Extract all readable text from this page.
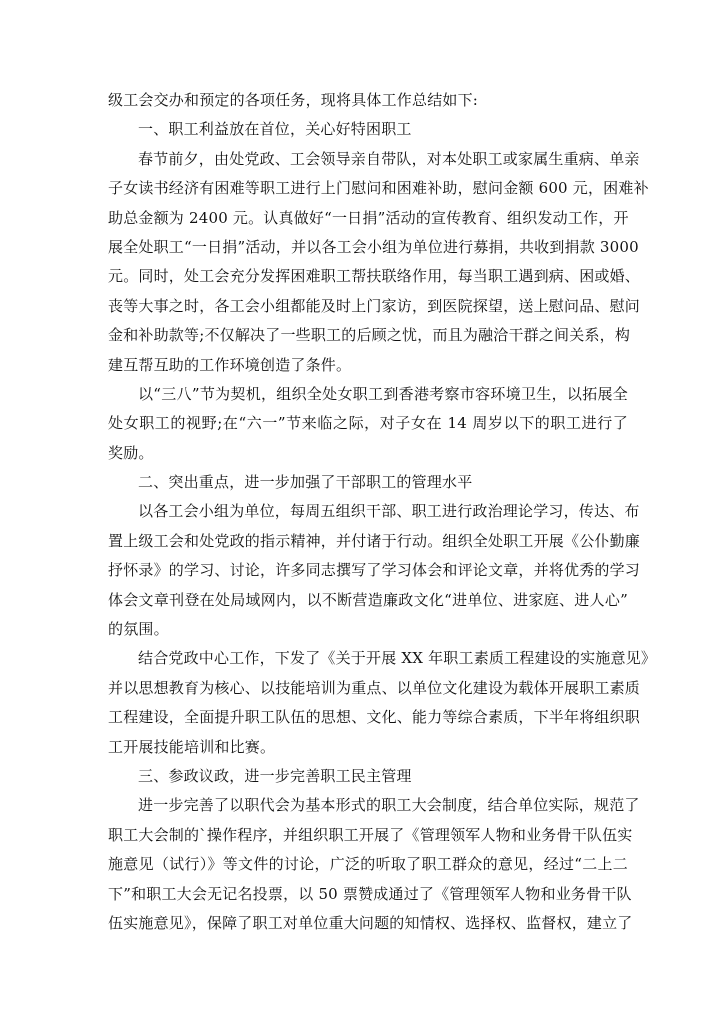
级工会交办和预定的各项任务，现将具体工作总结如下:
一、职工利益放在首位，关心好特困职工
春节前夕，由处党政、工会领导亲自带队，对本处职工或家属生重病、单亲
子女读书经济有困难等职工进行上门慰问和困难补助，慰问金额 600 元，困难补
助总金额为 2400 元。认真做好“一日捐”活动的宣传教育、组织发动工作，开
展全处职工“一日捐”活动，并以各工会小组为单位进行募捐，共收到捐款 3000
元。同时，处工会充分发挥困难职工帮扶联络作用，每当职工遇到病、困或婚、
丧等大事之时，各工会小组都能及时上门家访，到医院探望，送上慰问品、慰问
金和补助款等;不仅解决了一些职工的后顾之忧，而且为融洽干群之间关系，构
建互帮互助的工作环境创造了条件。
以“三八”节为契机，组织全处女职工到香港考察市容环境卫生，以拓展全
处女职工的视野;在“六一”节来临之际，对子女在 14 周岁以下的职工进行了
奖励。
二、突出重点，进一步加强了干部职工的管理水平
以各工会小组为单位，每周五组织干部、职工进行政治理论学习，传达、布
置上级工会和处党政的指示精神，并付诸于行动。组织全处职工开展《公仆勤廉
抒怀录》的学习、讨论，许多同志撰写了学习体会和评论文章，并将优秀的学习
体会文章刊登在处局域网内，以不断营造廉政文化“进单位、进家庭、进人心”
的氛围。
结合党政中心工作，下发了《关于开展 XX 年职工素质工程建设的实施意见》
并以思想教育为核心、以技能培训为重点、以单位文化建设为载体开展职工素质
工程建设，全面提升职工队伍的思想、文化、能力等综合素质，下半年将组织职
工开展技能培训和比赛。
三、参政议政，进一步完善职工民主管理
进一步完善了以职代会为基本形式的职工大会制度，结合单位实际，规范了
职工大会制的`操作程序，并组织职工开展了《管理领军人物和业务骨干队伍实
施意见（试行）》等文件的讨论，广泛的听取了职工群众的意见，经过“二上二
下”和职工大会无记名投票，以 50 票赞成通过了《管理领军人物和业务骨干队
伍实施意见》，保障了职工对单位重大问题的知情权、选择权、监督权，建立了
